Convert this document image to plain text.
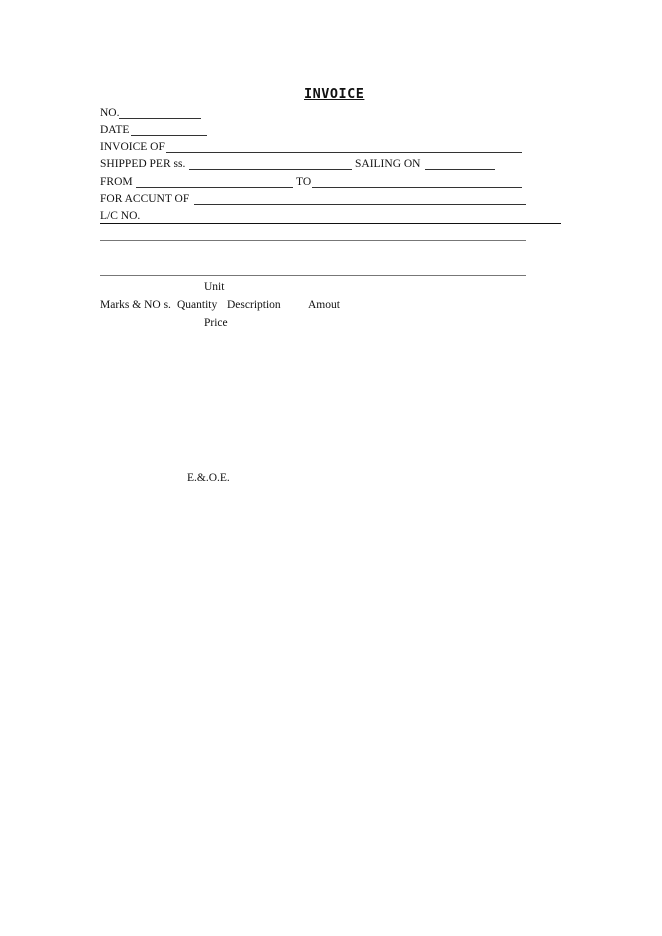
INVOICE
NO.
DATE
INVOICE OF
SHIPPED PER ss.	SAILING ON
FROM	TO
FOR ACCUNT OF
L/C NO.
Unit
Marks & NO s. Quantity Description Amout
Price
E.&.O.E.
